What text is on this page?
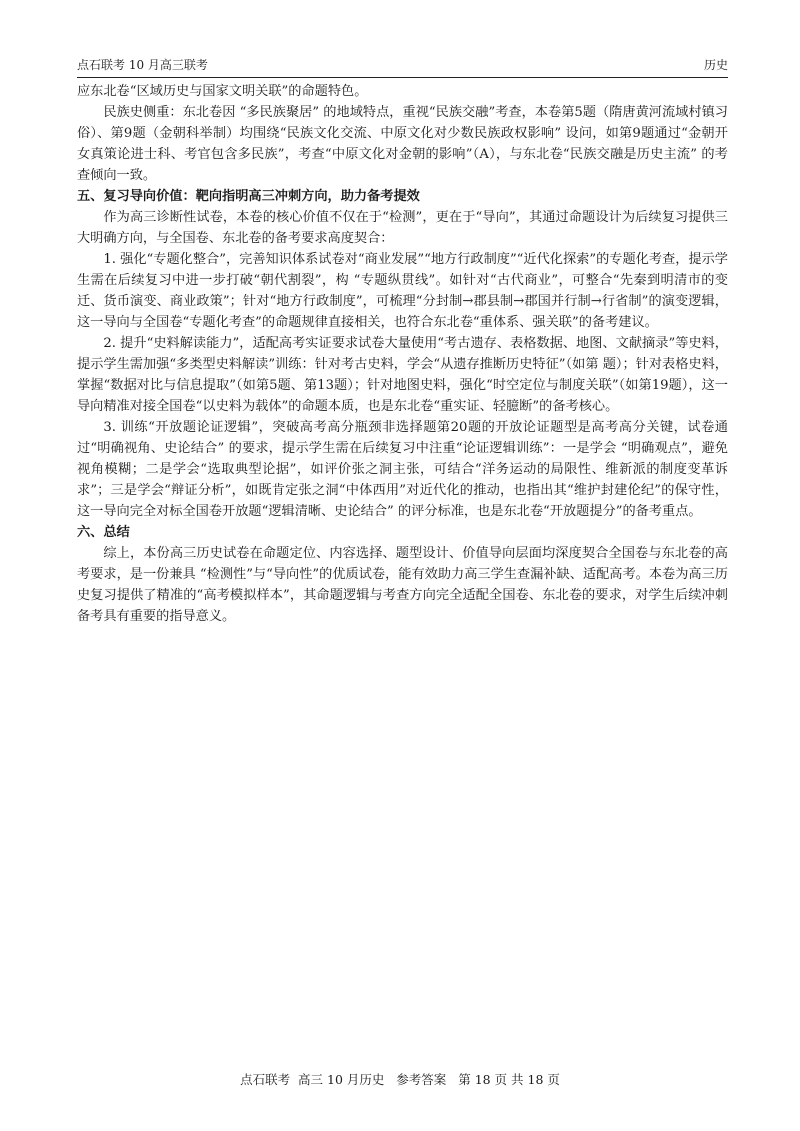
点石联考 10 月高三联考	历史

应东北卷“区域历史与国家文明关联”的命题特色。

民族史侧重：东北卷因 “多民族聚居” 的地域特点，重视“民族交融”考查，本卷第5题（隋唐黄河流域村镇习俗）、第9题（金朝科举制）均围绕“民族文化交流、中原文化对少数民族政权影响” 设问，如第9题通过“金朝开女真策论进士科、考官包含多民族”，考查“中原文化对金朝的影响”（A），与东北卷“民族交融是历史主流” 的考查倾向一致。

五、复习导向价值：靶向指明高三冲刺方向，助力备考提效

作为高三诊断性试卷，本卷的核心价值不仅在于“检测”，更在于“导向”，其通过命题设计为后续复习提供三大明确方向，与全国卷、东北卷的备考要求高度契合：

1. 强化“专题化整合”，完善知识体系试卷对“商业发展”“地方行政制度”“近代化探索”的专题化考查，提示学生需在后续复习中进一步打破“朝代割裂”，构 “专题纵贯线”。如针对“古代商业”，可整合“先秦到明清市的变迁、货币演变、商业政策”；针对“地方行政制度”，可梳理“分封制→郡县制→郡国并行制→行省制”的演变逻辑，这一导向与全国卷“专题化考查”的命题规律直接相关，也符合东北卷“重体系、强关联”的备考建议。

2. 提升“史料解读能力”，适配高考实证要求试卷大量使用“考古遗存、表格数据、地图、文献摘录”等史料，提示学生需加强“多类型史料解读”训练：针对考古史料，学会“从遗存推断历史特征”（如第 题）；针对表格史料，掌握“数据对比与信息提取”（如第5题、第13题）；针对地图史料，强化“时空定位与制度关联”（如第19题），这一导向精准对接全国卷“以史料为载体”的命题本质，也是东北卷“重实证、轻臆断”的备考核心。

3. 训练“开放题论证逻辑”，突破高考高分瓶颈非选择题第20题的开放论证题型是高考高分关键，试卷通过“明确视角、史论结合” 的要求，提示学生需在后续复习中注重“论证逻辑训练”：一是学会 “明确观点”，避免视角模糊；二是学会“选取典型论据”，如评价张之洞主张，可结合“洋务运动的局限性、维新派的制度变革诉求”；三是学会“辩证分析”，如既肯定张之洞“中体西用”对近代化的推动，也指出其“维护封建伦纪”的保守性，这一导向完全对标全国卷开放题“逻辑清晰、史论结合” 的评分标准，也是东北卷“开放题提分”的备考重点。

六、总结

综上，本份高三历史试卷在命题定位、内容选择、题型设计、价值导向层面均深度契合全国卷与东北卷的高考要求，是一份兼具 “检测性”与“导向性”的优质试卷，能有效助力高三学生查漏补缺、适配高考。本卷为高三历史复习提供了精准的“高考模拟样本”，其命题逻辑与考查方向完全适配全国卷、东北卷的要求，对学生后续冲刺备考具有重要的指导意义。

点石联考  高三 10 月历史   参考答案   第 18 页 共 18 页
